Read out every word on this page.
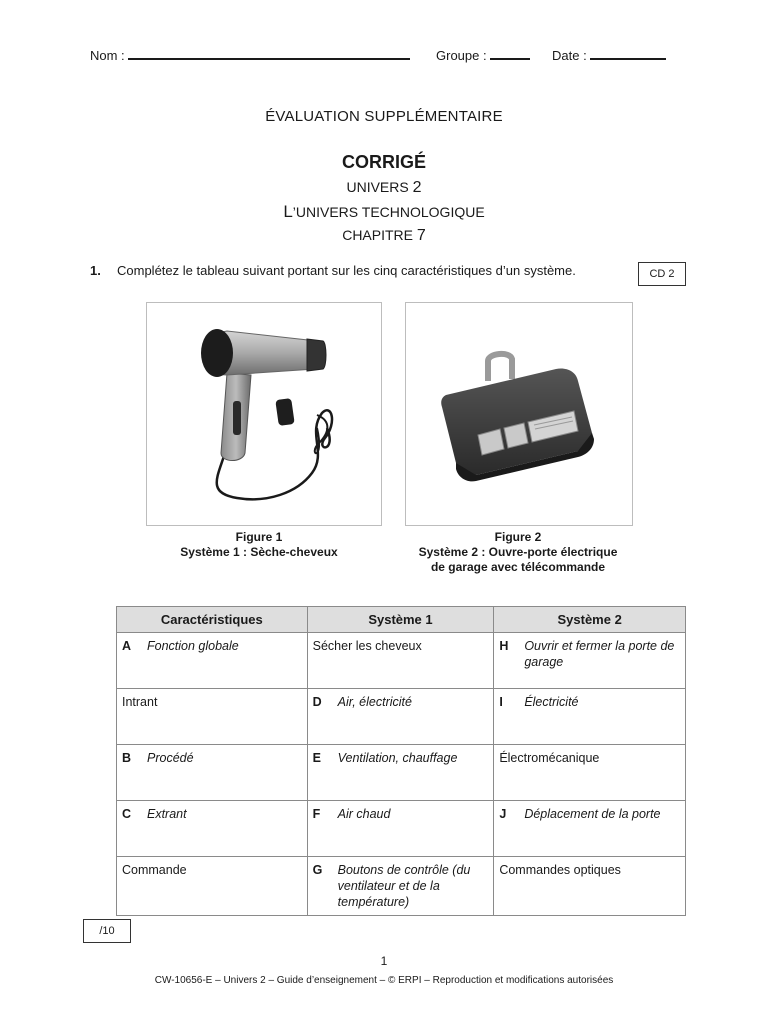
Nom :	Groupe :	Date :
ÉVALUATION SUPPLÉMENTAIRE
CORRIGÉ
UNIVERS 2
L’UNIVERS TECHNOLOGIQUE
CHAPITRE 7
1. Complétez le tableau suivant portant sur les cinq caractéristiques d’un système.	CD 2
Figure 1
Système 1 : Sèche-cheveux
Figure 2
Système 2 : Ouvre-porte électrique
de garage avec télécommande
Caractéristiques	Système 1	Système 2

A Fonction globale	Sécher les cheveux	H Ouvrir et fermer la porte de garage

Intrant	D Air, électricité	I Électricité

B Procédé	E Ventilation, chauffage	Électromécanique

C Extrant	F Air chaud	J Déplacement de la porte

Commande	G Boutons de contrôle (du ventilateur et de la température)	Commandes optiques
/10
1
CW-10656-E – Univers 2 – Guide d’enseignement – © ERPI – Reproduction et modifications autorisées
